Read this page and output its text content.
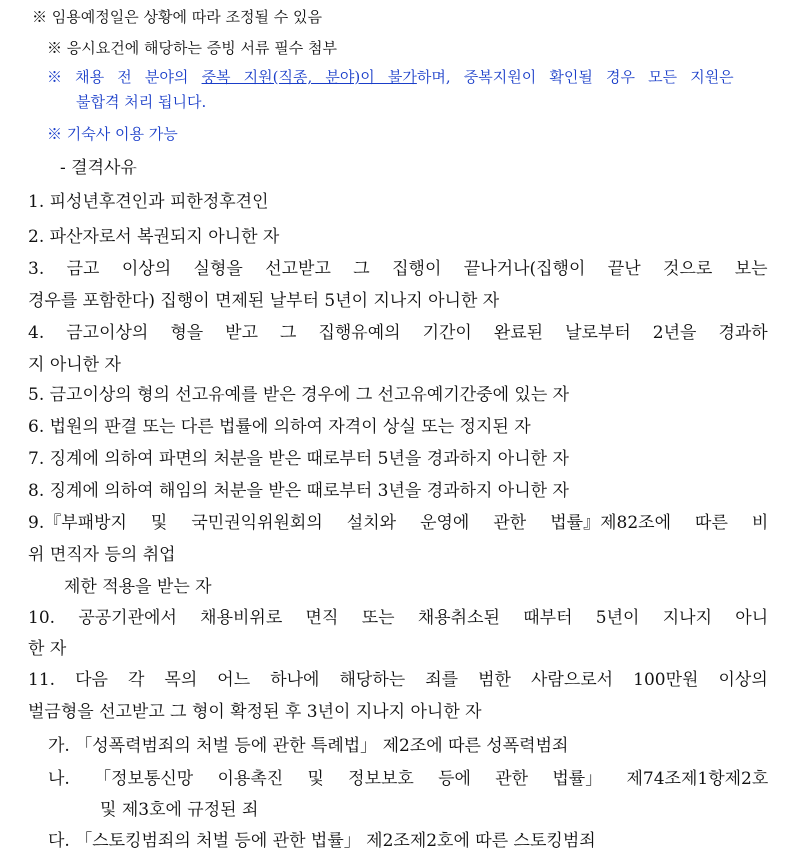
※ 임용예정일은 상황에 따라 조정될 수 있음
※ 응시요건에 해당하는 증빙 서류 필수 첨부
※ 채용 전 분야의 중복 지원(직종, 분야)이 불가하며, 중복지원이 확인될 경우 모든 지원은
불합격 처리 됩니다.
※ 기숙사 이용 가능
- 결격사유
1. 피성년후견인과 피한정후견인
2. 파산자로서 복권되지 아니한 자
3. 금고 이상의 실형을 선고받고 그 집행이 끝나거나(집행이 끝난 것으로 보는
경우를 포함한다) 집행이 면제된 날부터 5년이 지나지 아니한 자
4. 금고이상의 형을 받고 그 집행유예의 기간이 완료된 날로부터 2년을 경과하
지 아니한 자
5. 금고이상의 형의 선고유예를 받은 경우에 그 선고유예기간중에 있는 자
6. 법원의 판결 또는 다른 법률에 의하여 자격이 상실 또는 정지된 자
7. 징계에 의하여 파면의 처분을 받은 때로부터 5년을 경과하지 아니한 자
8. 징계에 의하여 해임의 처분을 받은 때로부터 3년을 경과하지 아니한 자
9.『부패방지 및 국민권익위원회의 설치와 운영에 관한 법률』제82조에 따른 비
위 면직자 등의 취업
제한 적용을 받는 자
10. 공공기관에서 채용비위로 면직 또는 채용취소된 때부터 5년이 지나지 아니
한 자
11. 다음 각 목의 어느 하나에 해당하는 죄를 범한 사람으로서 100만원 이상의
벌금형을 선고받고 그 형이 확정된 후 3년이 지나지 아니한 자
가. 「성폭력범죄의 처벌 등에 관한 특례법」 제2조에 따른 성폭력범죄
나. 「정보통신망 이용촉진 및 정보보호 등에 관한 법률」 제74조제1항제2호
및 제3호에 규정된 죄
다. 「스토킹범죄의 처벌 등에 관한 법률」 제2조제2호에 따른 스토킹범죄
